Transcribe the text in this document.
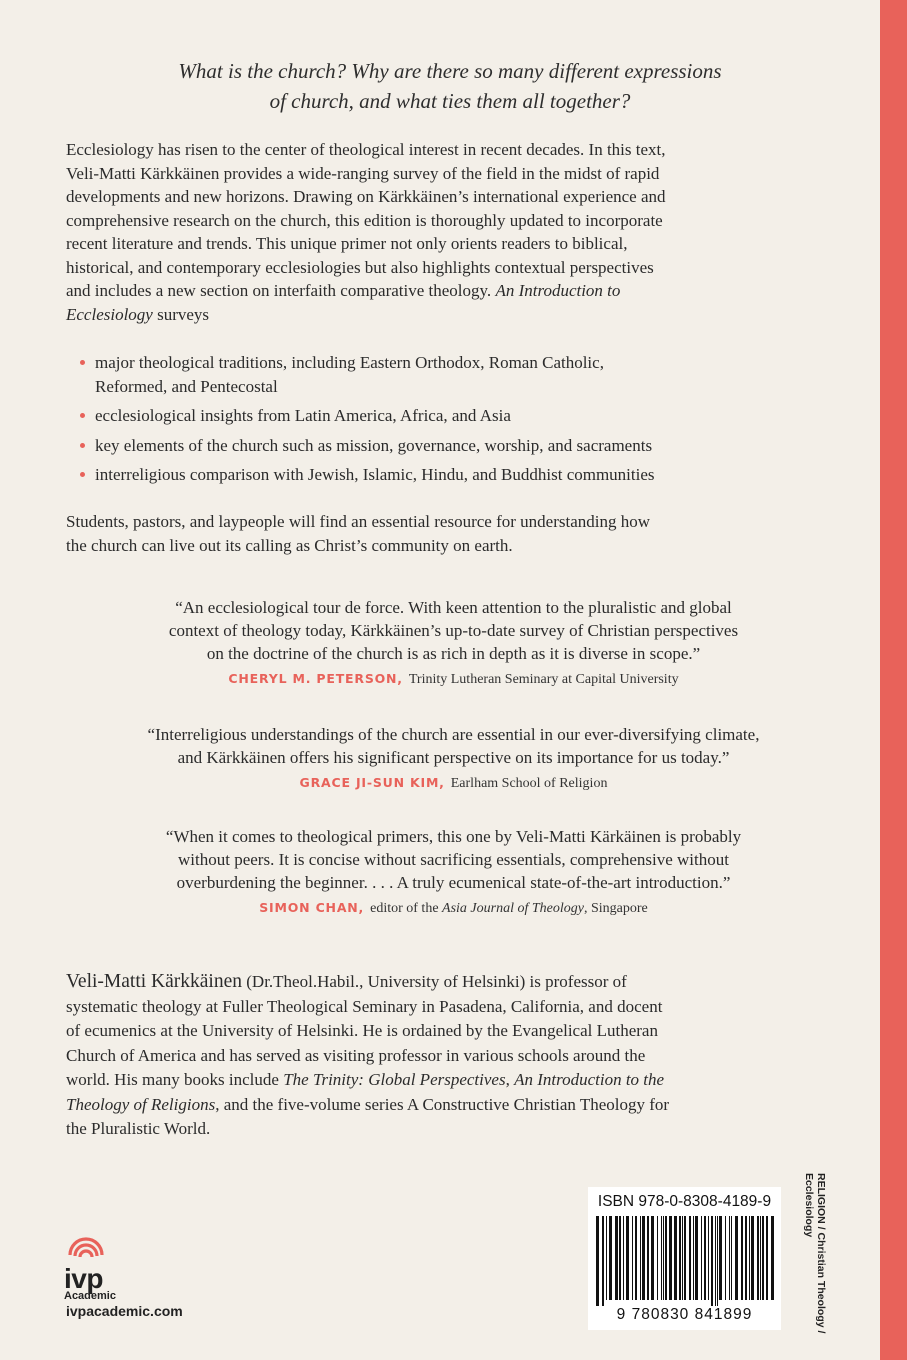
What is the church? Why are there so many different expressions
of church, and what ties them all together?
Ecclesiology has risen to the center of theological interest in recent decades. In this text,
Veli-Matti Kärkkäinen provides a wide-ranging survey of the field in the midst of rapid
developments and new horizons. Drawing on Kärkkäinen’s international experience and
comprehensive research on the church, this edition is thoroughly updated to incorporate
recent literature and trends. This unique primer not only orients readers to biblical,
historical, and contemporary ecclesiologies but also highlights contextual perspectives
and includes a new section on interfaith comparative theology. An Introduction to
Ecclesiology surveys
major theological traditions, including Eastern Orthodox, Roman Catholic,
Reformed, and Pentecostal
ecclesiological insights from Latin America, Africa, and Asia
key elements of the church such as mission, governance, worship, and sacraments
interreligious comparison with Jewish, Islamic, Hindu, and Buddhist communities
Students, pastors, and laypeople will find an essential resource for understanding how
the church can live out its calling as Christ’s community on earth.
“An ecclesiological tour de force. With keen attention to the pluralistic and global
context of theology today, Kärkkäinen’s up-to-date survey of Christian perspectives
on the doctrine of the church is as rich in depth as it is diverse in scope.”
CHERYL M. PETERSON, Trinity Lutheran Seminary at Capital University
“Interreligious understandings of the church are essential in our ever-diversifying climate,
and Kärkkäinen offers his significant perspective on its importance for us today.”
GRACE JI-SUN KIM, Earlham School of Religion
“When it comes to theological primers, this one by Veli-Matti Kärkäinen is probably
without peers. It is concise without sacrificing essentials, comprehensive without
overburdening the beginner. . . . A truly ecumenical state-of-the-art introduction.”
SIMON CHAN, editor of the Asia Journal of Theology, Singapore
Veli-Matti Kärkkäinen (Dr.Theol.Habil., University of Helsinki) is professor of
systematic theology at Fuller Theological Seminary in Pasadena, California, and docent
of ecumenics at the University of Helsinki. He is ordained by the Evangelical Lutheran
Church of America and has served as visiting professor in various schools around the
world. His many books include The Trinity: Global Perspectives, An Introduction to the
Theology of Religions, and the five-volume series A Constructive Christian Theology for
the Pluralistic World.
ivp
Academic
ivpacademic.com
ISBN 978-0-8308-4189-9
9 780830 841899	RELIGION / Christian Theology /
Ecclesiology
